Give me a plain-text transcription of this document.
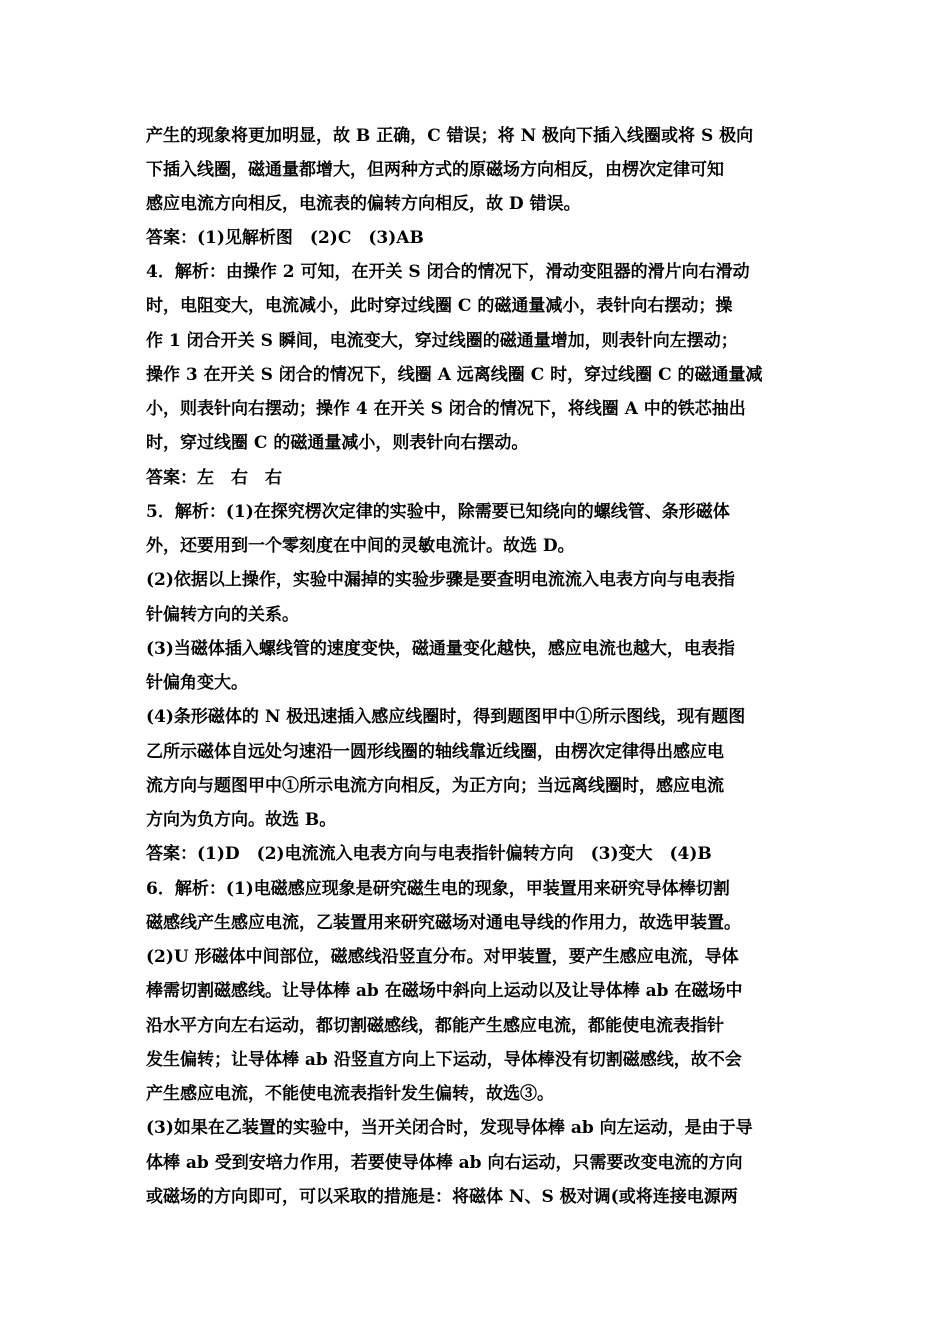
产生的现象将更加明显，故 B 正确，C 错误；将 N 极向下插入线圈或将 S 极向
下插入线圈，磁通量都增大，但两种方式的原磁场方向相反，由楞次定律可知
感应电流方向相反，电流表的偏转方向相反，故 D 错误。
答案：(1)见解析图　(2)C　(3)AB
4．解析：由操作 2 可知，在开关 S 闭合的情况下，滑动变阻器的滑片向右滑动
时，电阻变大，电流减小，此时穿过线圈 C 的磁通量减小，表针向右摆动；操
作 1 闭合开关 S 瞬间，电流变大，穿过线圈的磁通量增加，则表针向左摆动；
操作 3 在开关 S 闭合的情况下，线圈 A 远离线圈 C 时，穿过线圈 C 的磁通量减
小，则表针向右摆动；操作 4 在开关 S 闭合的情况下，将线圈 A 中的铁芯抽出
时，穿过线圈 C 的磁通量减小，则表针向右摆动。
答案：左　右　右
5．解析：(1)在探究楞次定律的实验中，除需要已知绕向的螺线管、条形磁体
外，还要用到一个零刻度在中间的灵敏电流计。故选 D。
(2)依据以上操作，实验中漏掉的实验步骤是要查明电流流入电表方向与电表指
针偏转方向的关系。
(3)当磁体插入螺线管的速度变快，磁通量变化越快，感应电流也越大，电表指
针偏角变大。
(4)条形磁体的 N 极迅速插入感应线圈时，得到题图甲中①所示图线，现有题图
乙所示磁体自远处匀速沿一圆形线圈的轴线靠近线圈，由楞次定律得出感应电
流方向与题图甲中①所示电流方向相反，为正方向；当远离线圈时，感应电流
方向为负方向。故选 B。
答案：(1)D　(2)电流流入电表方向与电表指针偏转方向　(3)变大　(4)B
6．解析：(1)电磁感应现象是研究磁生电的现象，甲装置用来研究导体棒切割
磁感线产生感应电流，乙装置用来研究磁场对通电导线的作用力，故选甲装置。
(2)U 形磁体中间部位，磁感线沿竖直分布。对甲装置，要产生感应电流，导体
棒需切割磁感线。让导体棒 ab 在磁场中斜向上运动以及让导体棒 ab 在磁场中
沿水平方向左右运动，都切割磁感线，都能产生感应电流，都能使电流表指针
发生偏转；让导体棒 ab 沿竖直方向上下运动，导体棒没有切割磁感线，故不会
产生感应电流，不能使电流表指针发生偏转，故选③。
(3)如果在乙装置的实验中，当开关闭合时，发现导体棒 ab 向左运动，是由于导
体棒 ab 受到安培力作用，若要使导体棒 ab 向右运动，只需要改变电流的方向
或磁场的方向即可，可以采取的措施是：将磁体 N、S 极对调(或将连接电源两
